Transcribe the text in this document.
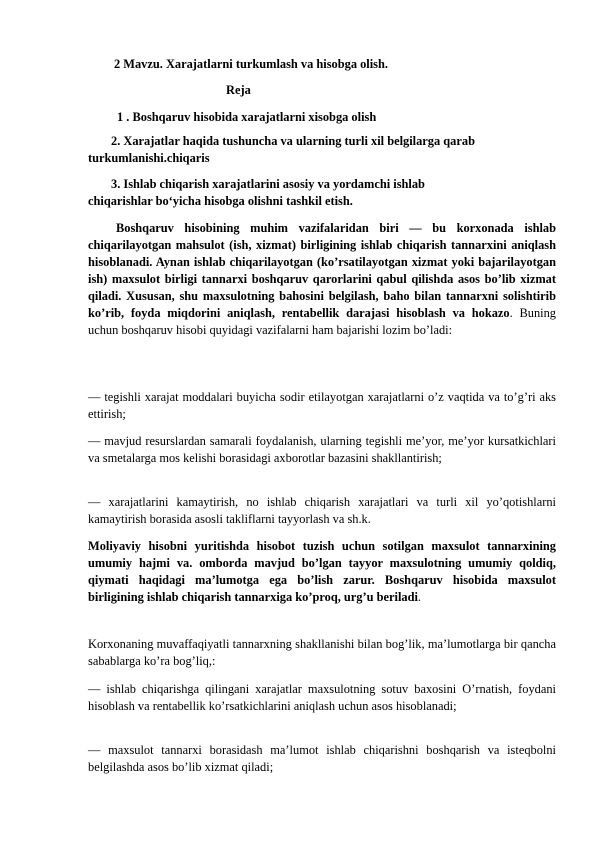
2 Mavzu. Xarajatlarni turkumlash va hisobga olish.

Reja

1 . Boshqaruv hisobida xarajatlarni xisobga olish

2. Xarajatlar haqida tushuncha va ularning turli xil belgilarga qarab

turkumlanishi.chiqaris

3. Ishlab chiqarish xarajatlarini asosiy va yordamchi ishlab

chiqarishlar bo‘yicha hisobga olishni tashkil etish.

Boshqaruv hisobining muhim vazifalaridan biri — bu korxonada ishlab chiqarilayotgan mahsulot (ish, xizmat) birligining ishlab chiqarish tannarxini aniqlash hisoblanadi. Aynan ishlab chiqarilayotgan (ko’rsatilayotgan xizmat yoki bajarilayotgan ish) maxsulot birligi tannarxi boshqaruv qarorlarini qabul qilishda asos bo’lib xizmat qiladi. Xususan, shu maxsulotning bahosini belgilash, baho bilan tannarxni solishtirib ko’rib, foyda miqdorini aniqlash, rentabellik darajasi hisoblash va hokazo. Buning uchun boshqaruv hisobi quyidagi vazifalarni ham bajarishi lozim bo’ladi:

— tegishli xarajat moddalari buyicha sodir etilayotgan xarajatlarni o’z vaqtida va to’g’ri aks ettirish;

— mavjud resurslardan samarali foydalanish, ularning tegishli me’yor, me’yor kursatkichlari va smetalarga mos kelishi borasidagi axborotlar bazasini shakllantirish;

— xarajatlarini kamaytirish, no ishlab chiqarish xarajatlari va turli xil yo’qotishlarni kamaytirish borasida asosli takliflarni tayyorlash va sh.k.

Moliyaviy hisobni yuritishda hisobot tuzish uchun sotilgan maxsulot tannarxining umumiy hajmi va. omborda mavjud bo’lgan tayyor maxsulotning umumiy qoldiq, qiymati haqidagi ma’lumotga ega bo’lish zarur. Boshqaruv hisobida maxsulot birligining ishlab chiqarish tannarxiga ko’proq, urg’u beriladi.

Korxonaning muvaffaqiyatli tannarxning shakllanishi bilan bog’lik, ma’lumotlarga bir qancha sabablarga ko’ra bog’liq,:

— ishlab chiqarishga qilingani xarajatlar maxsulotning sotuv baxosini O’rnatish, foydani hisoblash va rentabellik ko’rsatkichlarini aniqlash uchun asos hisoblanadi;

— maxsulot tannarxi borasidash ma’lumot ishlab chiqarishni boshqarish va isteqbolni belgilashda asos bo’lib xizmat qiladi;
